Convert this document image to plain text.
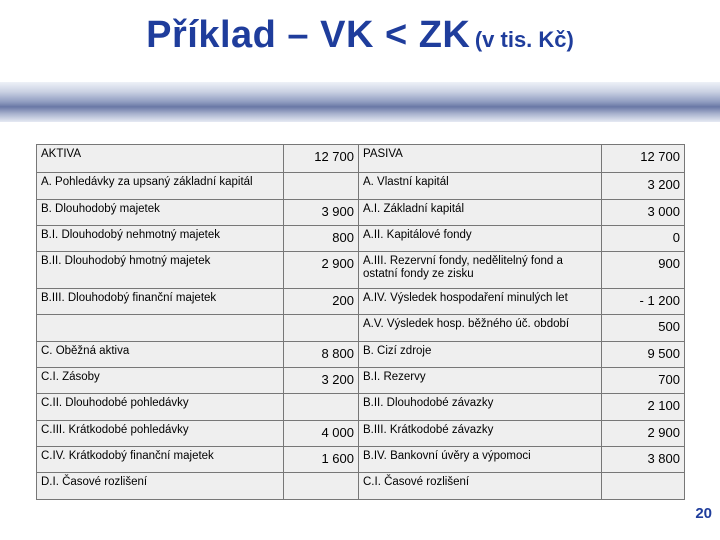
Příklad – VK < ZK (v tis. Kč)
AKTIVA	12 700	PASIVA	12 700
A. Pohledávky za upsaný základní kapitál		A. Vlastní kapitál	3 200
B. Dlouhodobý majetek	3 900	A.I. Základní kapitál	3 000
B.I. Dlouhodobý nehmotný majetek	800	A.II. Kapitálové fondy	0
B.II. Dlouhodobý hmotný majetek	2 900	A.III. Rezervní fondy, nedělitelný fond a ostatní fondy ze zisku	900
B.III. Dlouhodobý finanční majetek	200	A.IV. Výsledek hospodaření minulých let	- 1 200
		A.V. Výsledek hosp. běžného úč. období	500
C. Oběžná aktiva	8 800	B. Cizí zdroje	9 500
C.I. Zásoby	3 200	B.I. Rezervy	700
C.II. Dlouhodobé pohledávky		B.II. Dlouhodobé závazky	2 100
C.III. Krátkodobé pohledávky	4 000	B.III. Krátkodobé závazky	2 900
C.IV. Krátkodobý finanční majetek	1 600	B.IV. Bankovní úvěry a výpomoci	3 800
D.I. Časové rozlišení		C.I. Časové rozlišení	
20
